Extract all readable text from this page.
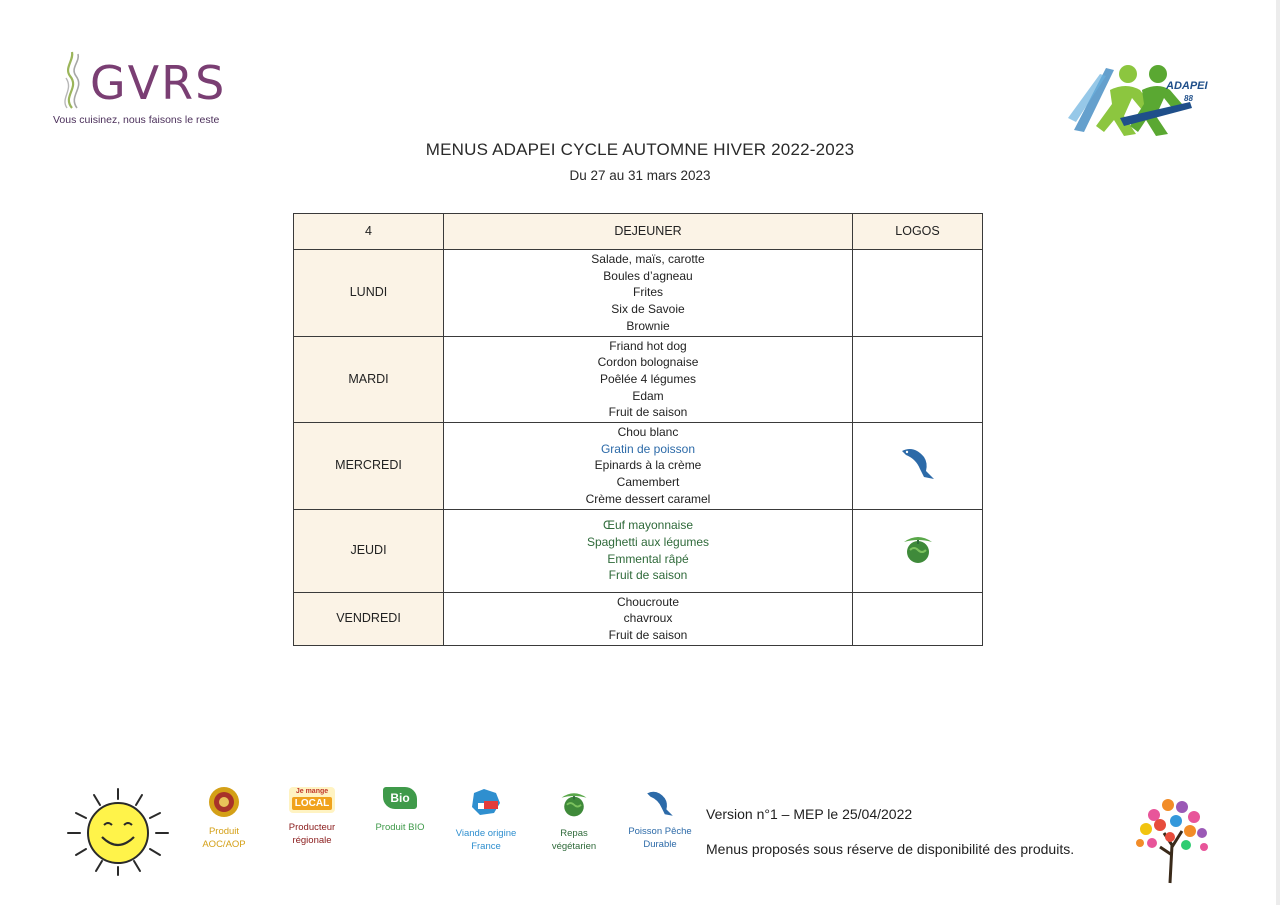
GVRS
Vous cuisinez, nous faisons le reste
ADAPEI
88
MENUS ADAPEI CYCLE AUTOMNE HIVER 2022-2023
Du 27 au 31 mars 2023
4	DEJEUNER	LOGOS
LUNDI	Salade, maïs, carotte
Boules d’agneau
Frites
Six de Savoie
Brownie	

MARDI	Friand hot dog
Cordon bolognaise
Poêlée 4 légumes
Edam
Fruit de saison	

MERCREDI	Chou blanc
Gratin de poisson
Epinards à la crème
Camembert
Crème dessert caramel

JEUDI	Œuf mayonnaise
Spaghetti aux légumes
Emmental râpé
Fruit de saison

VENDREDI	Choucroute
chavroux
Fruit de saison	

Produit
AOC/AOP
Je mange
LOCAL
Producteur
régionale
Bio
Produit BIO
Viande origine
France
Repas
végétarien
Poisson Pêche
Durable
Version n°1 – MEP le 25/04/2022
Menus proposés sous réserve de disponibilité des produits.
